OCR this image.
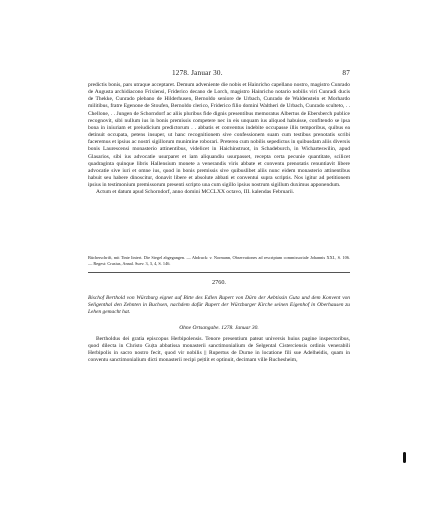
1278. Januar 30.	87

predictis bonis, pars utraque acceptaret. Demum adveniente die nobis et Hainricho capellano nostro, magistro Cunrado de Augusta archidiacono Frixiensi, Friderico decano de Lorch, magistro Hainricho notario nobilis viri Cunradi ducis de Thekke, Cunrado plebano de Hilderhusen, Bernoldo seniore de Urbach, Cunrado de Waldenstein et Morhardo militibus, fratre Egenone de Stoufen, Bernoldo clerico, Friderico filio domini Waltheri de Urbach, Cunrado sculteto, . . Chellone, . . Jungen de Schorndorf ac aliis pluribus fide dignis presentibus memoratus Albertus de Ebersberch publice recognovit, sibi nullum ius in bonis premissis competere nec in eis unquam ius aliquod habuisse, confitendo se ipsa bona in iniuriam et preiudicium predictorum . . abbatis et conventus indebite occupasse illis temporibus, quibus ea detinuit occupata, petens insuper, ut hanc recognitionem sive confessionem suam cum testibus prenotatis scribi faceremus et ipsius ac nostri sigillorum munimine roborari. Preterea cum nobilis sepedictus in quibusdam aliis diversis bonis Laurescensi monasterio attinentibus, videlicet in Haichinstruot, in Schadeburch, in Wicharteswilin, apud Glasarios, sibi ius advocatie usurparet et iam aliquandiu usurpasset, recepta certa pecunie quantitate, scilicet quadraginta quinque libris Hallensium monete a venerandis viris abbate et conventu prenotatis renuntiavit libere advocatie sive iuri et omne ius, quod in bonis premissis sive quibuslibet aliis nunc eidem monasterio attinentibus habuit seu habere dinoscitur, donavit libere et absolute abbati et conventui supra scriptis. Nos igitur ad petitionem ipsius in testimonium premissorum presenti scripto una cum sigillo ipsius nostrum sigillum duximus apponendum.

Actum et datum apud Schorndorf, anno domini MCCLXX octavo, III. kalendas Februarii.

Bücherschrift, mit Tinte liniert. Die Siegel abgegangen. — Abdruck: v. Normann, Observationes ad rescriptum commissoriale Johannis XXI., S. 106. — Regest: Crusius, Annal. Suev. 3, 3, 4, S. 146.
2760.
Bischof Berthold von Würzburg eignet auf Bitte des Edlen Rupert von Dürn der Aebtissin Guta und dem Konvent von Seligenthal den Zehnten in Buchsen, nachdem dafür Rupert der Würzburger Kirche seinen Eigenhof in Oberhausen zu Lehen gemacht hat.
Ohne Ortsangabe. 1278. Januar 30.
Bertholdus dei gratia episcopus Herbipolensis. Tenore presentium pateat universis huius pagine inspectoribus, quod dilecta in Christo Gu|ta abbatissa monasterii sanctimonialium de Selgental Cisterciensis ordinis venerabili Herbipolis in sacro nostro fecit, quod vir nobilis || Rupertus de Durne in locatione fili sue Adelheidis, quam in conventu sanctimonialium dicti monasterii recipi pe|tiit et optinuit, decimam ville Ruchesheim,
